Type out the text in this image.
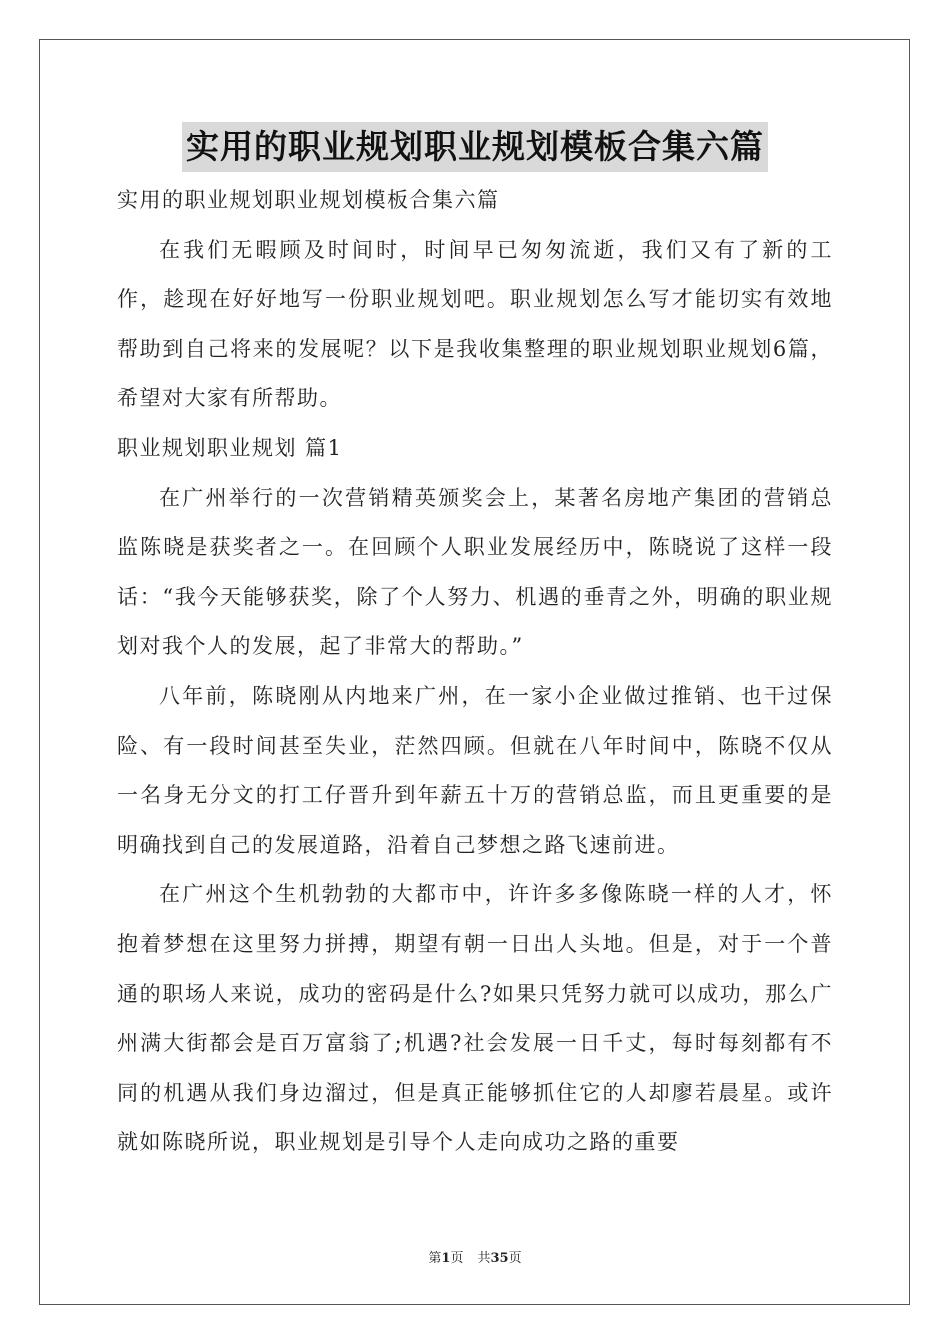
实用的职业规划职业规划模板合集六篇

实用的职业规划职业规划模板合集六篇

在我们无暇顾及时间时，时间早已匆匆流逝，我们又有了新的工作，趁现在好好地写一份职业规划吧。职业规划怎么写才能切实有效地帮助到自己将来的发展呢？以下是我收集整理的职业规划职业规划6篇，希望对大家有所帮助。

职业规划职业规划 篇1

在广州举行的一次营销精英颁奖会上，某著名房地产集团的营销总监陈晓是获奖者之一。在回顾个人职业发展经历中，陈晓说了这样一段话：“我今天能够获奖，除了个人努力、机遇的垂青之外，明确的职业规划对我个人的发展，起了非常大的帮助。”

八年前，陈晓刚从内地来广州，在一家小企业做过推销、也干过保险、有一段时间甚至失业，茫然四顾。但就在八年时间中，陈晓不仅从一名身无分文的打工仔晋升到年薪五十万的营销总监，而且更重要的是明确找到自己的发展道路，沿着自己梦想之路飞速前进。

在广州这个生机勃勃的大都市中，许许多多像陈晓一样的人才，怀抱着梦想在这里努力拼搏，期望有朝一日出人头地。但是，对于一个普通的职场人来说，成功的密码是什么?如果只凭努力就可以成功，那么广州满大街都会是百万富翁了;机遇?社会发展一日千丈，每时每刻都有不同的机遇从我们身边溜过，但是真正能够抓住它的人却廖若晨星。或许就如陈晓所说，职业规划是引导个人走向成功之路的重要

第1页 共35页
